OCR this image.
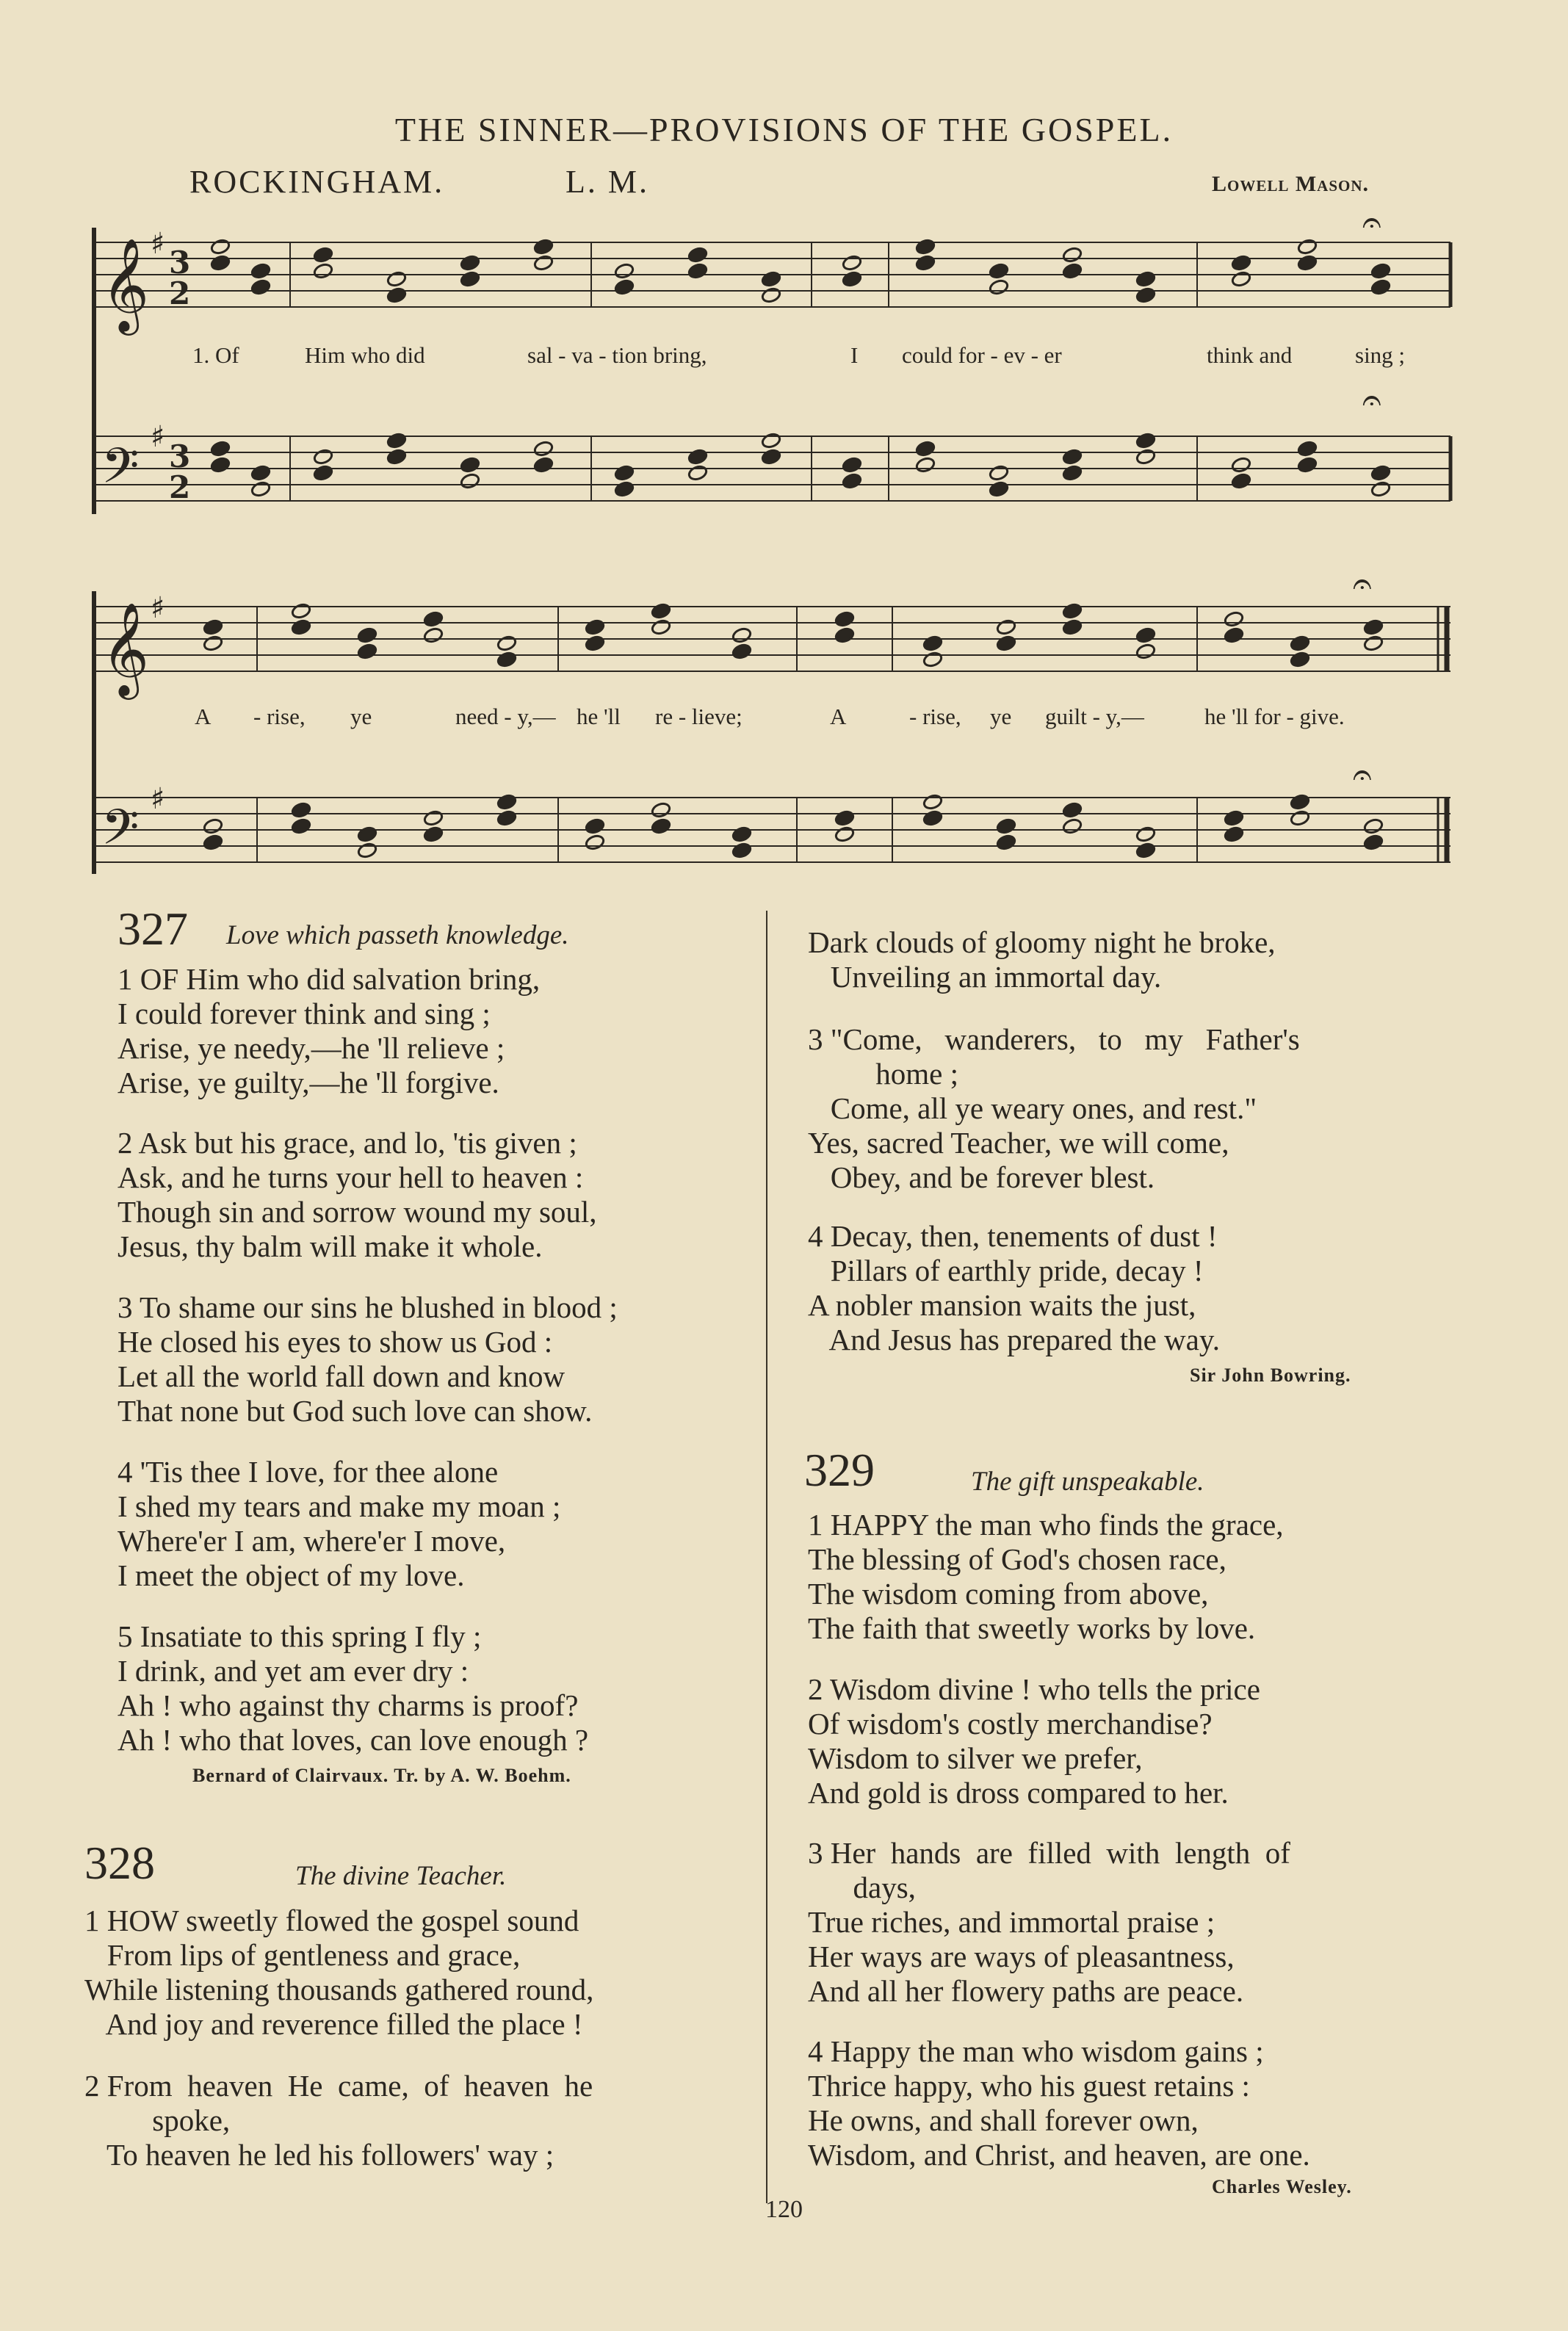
THE SINNER—PROVISIONS OF THE GOSPEL.
ROCKINGHAM.	L. M.	Lowell Mason.
𝄞
𝄢
𝄞
𝄢
♯
♯
♯
♯
3
2
3
2
𝄐
𝄐
𝄐
𝄐
1. Of	Him who did	sal - va - tion bring,	I could for - ev - er	think and	sing ;
A - rise, ye	need - y,— he 'll re - lieve;	A	- rise, ye guilt - y,—	he 'll for - give.
327 Love which passeth knowledge.
1 OF Him who did salvation bring,
I could forever think and sing ;
Arise, ye needy,—he 'll relieve ;
Arise, ye guilty,—he 'll forgive.
2 Ask but his grace, and lo, 'tis given ;
Ask, and he turns your hell to heaven :
Though sin and sorrow wound my soul,
Jesus, thy balm will make it whole.
3 To shame our sins he blushed in blood ;
He closed his eyes to show us God :
Let all the world fall down and know
That none but God such love can show.
4 'Tis thee I love, for thee alone
I shed my tears and make my moan ;
Where'er I am, where'er I move,
I meet the object of my love.
5 Insatiate to this spring I fly ;
I drink, and yet am ever dry :
Ah ! who against thy charms is proof?
Ah ! who that loves, can love enough ?
Bernard of Clairvaux. Tr. by A. W. Boehm.
328	The divine Teacher.
1 HOW sweetly flowed the gospel sound
From lips of gentleness and grace,
While listening thousands gathered round,
And joy and reverence filled the place !
2 From  heaven  He  came,  of  heaven  he
spoke,
To heaven he led his followers' way ;
Dark clouds of gloomy night he broke,
Unveiling an immortal day.
3 "Come,   wanderers,   to   my   Father's
home ;
Come, all ye weary ones, and rest."
Yes, sacred Teacher, we will come,
Obey, and be forever blest.
4 Decay, then, tenements of dust !
Pillars of earthly pride, decay !
A nobler mansion waits the just,
And Jesus has prepared the way.
Sir John Bowring.
329	The gift unspeakable.
1 HAPPY the man who finds the grace,
The blessing of God's chosen race,
The wisdom coming from above,
The faith that sweetly works by love.
2 Wisdom divine ! who tells the price
Of wisdom's costly merchandise?
Wisdom to silver we prefer,
And gold is dross compared to her.
3 Her  hands  are  filled  with  length  of
days,
True riches, and immortal praise ;
Her ways are ways of pleasantness,
And all her flowery paths are peace.
4 Happy the man who wisdom gains ;
Thrice happy, who his guest retains :
He owns, and shall forever own,
Wisdom, and Christ, and heaven, are one.
Charles Wesley.
120
